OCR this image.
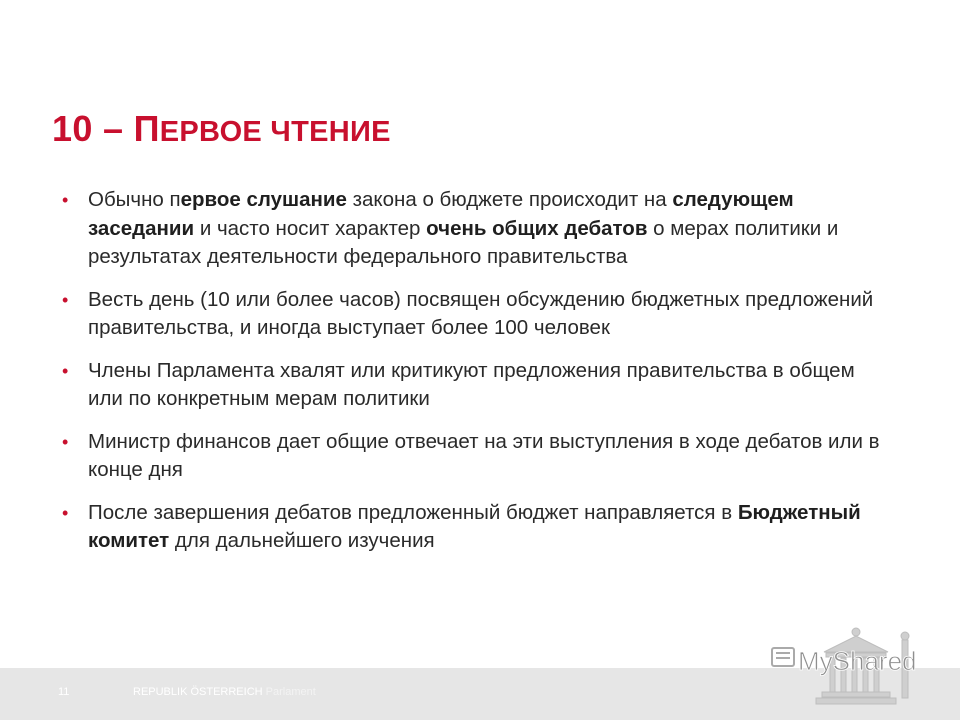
10 – ПЕРВОЕ ЧТЕНИЕ
• Обычно первое слушание закона о бюджете происходит на следующем заседании и часто носит характер очень общих дебатов о мерах политики и результатах деятельности федерального правительства
• Весть день (10 или более часов) посвящен обсуждению бюджетных предложений правительства, и иногда выступает более 100 человек
• Члены Парламента хвалят или критикуют предложения правительства в общем или по конкретным мерам политики
• Министр финансов дает общие отвечает на эти выступления в ходе дебатов или в конце дня
• После завершения дебатов предложенный бюджет направляется в Бюджетный комитет для дальнейшего изучения
11	REPUBLIK ÖSTERREICH Parlament
MyShared
